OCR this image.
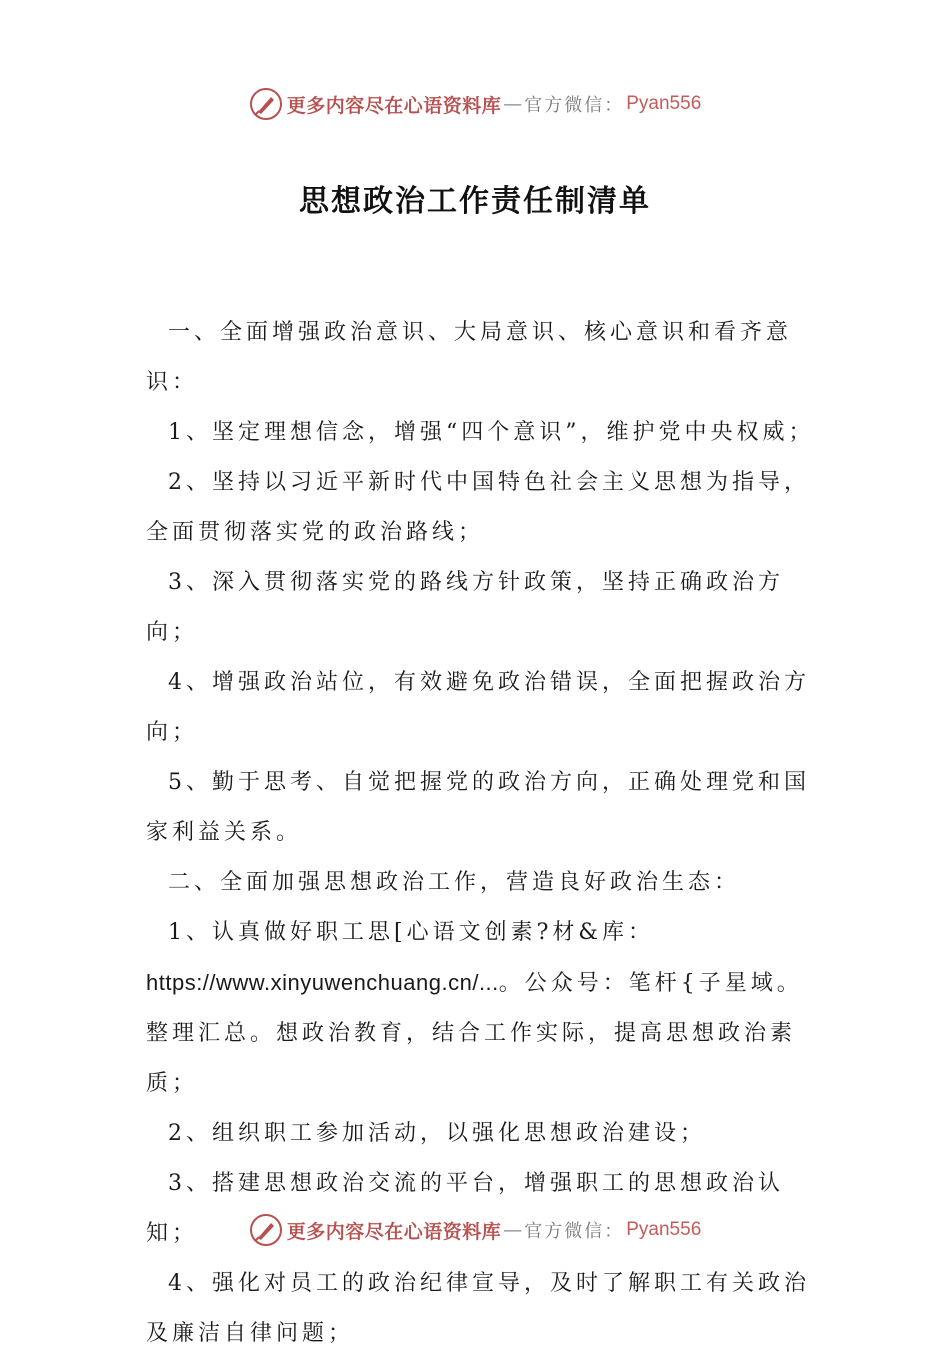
更多内容尽在心语资料库 — 官方微信： Pyan556
思想政治工作责任制清单

一、全面增强政治意识、大局意识、核心意识和看齐意识：

1、坚定理想信念，增强“四个意识”，维护党中央权威；

2、坚持以习近平新时代中国特色社会主义思想为指导，全面贯彻落实党的政治路线；

3、深入贯彻落实党的路线方针政策，坚持正确政治方向；

4、增强政治站位，有效避免政治错误，全面把握政治方向；

5、勤于思考、自觉把握党的政治方向，正确处理党和国家利益关系。

二、全面加强思想政治工作，营造良好政治生态：

1、认真做好职工思[心语文创素?材&库：https://www.xinyuwenchuang.cn/...。公众号：笔杆{子星域。整理汇总。想政治教育，结合工作实际，提高思想政治素质；

2、组织职工参加活动，以强化思想政治建设；

3、搭建思想政治交流的平台，增强职工的思想政治认知；

4、强化对员工的政治纪律宣导，及时了解职工有关政治及廉洁自律问题；

更多内容尽在心语资料库 — 官方微信： Pyan556
